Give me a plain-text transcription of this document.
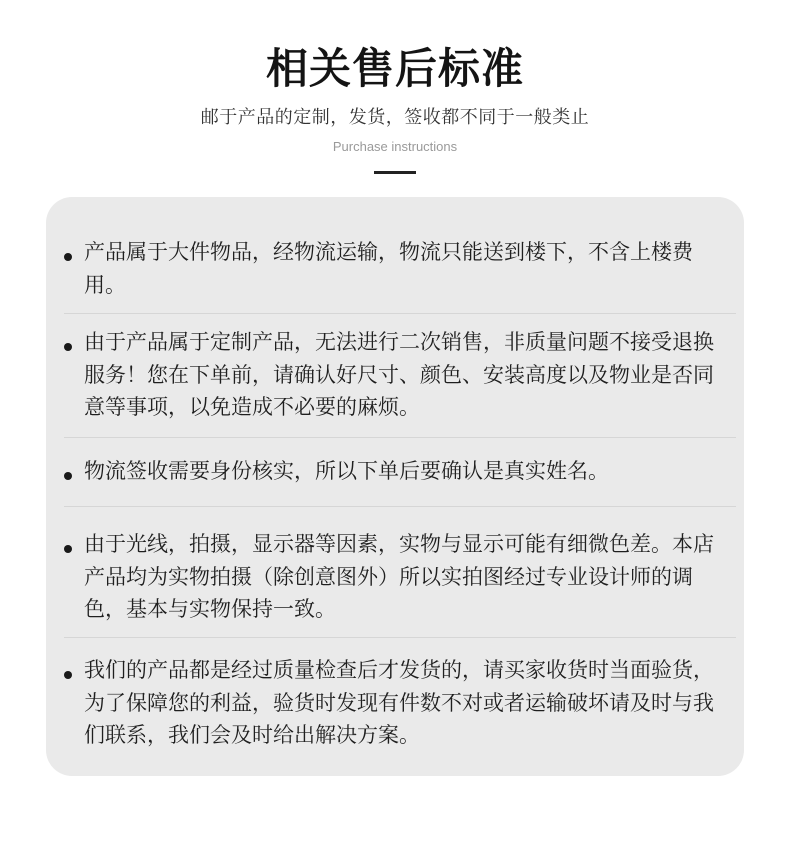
相关售后标准
邮于产品的定制，发货，签收都不同于一般类止
Purchase instructions
产品属于大件物品，经物流运输，物流只能送到楼下，不含上楼费用。
由于产品属于定制产品，无法进行二次销售，非质量问题不接受退换服务！您在下单前，请确认好尺寸、颜色、安装高度以及物业是否同意等事项，以免造成不必要的麻烦。
物流签收需要身份核实，所以下单后要确认是真实姓名。
由于光线，拍摄，显示器等因素，实物与显示可能有细微色差。本店产品均为实物拍摄（除创意图外）所以实拍图经过专业设计师的调色，基本与实物保持一致。
我们的产品都是经过质量检查后才发货的，请买家收货时当面验货，为了保障您的利益，验货时发现有件数不对或者运输破坏请及时与我们联系，我们会及时给出解决方案。
